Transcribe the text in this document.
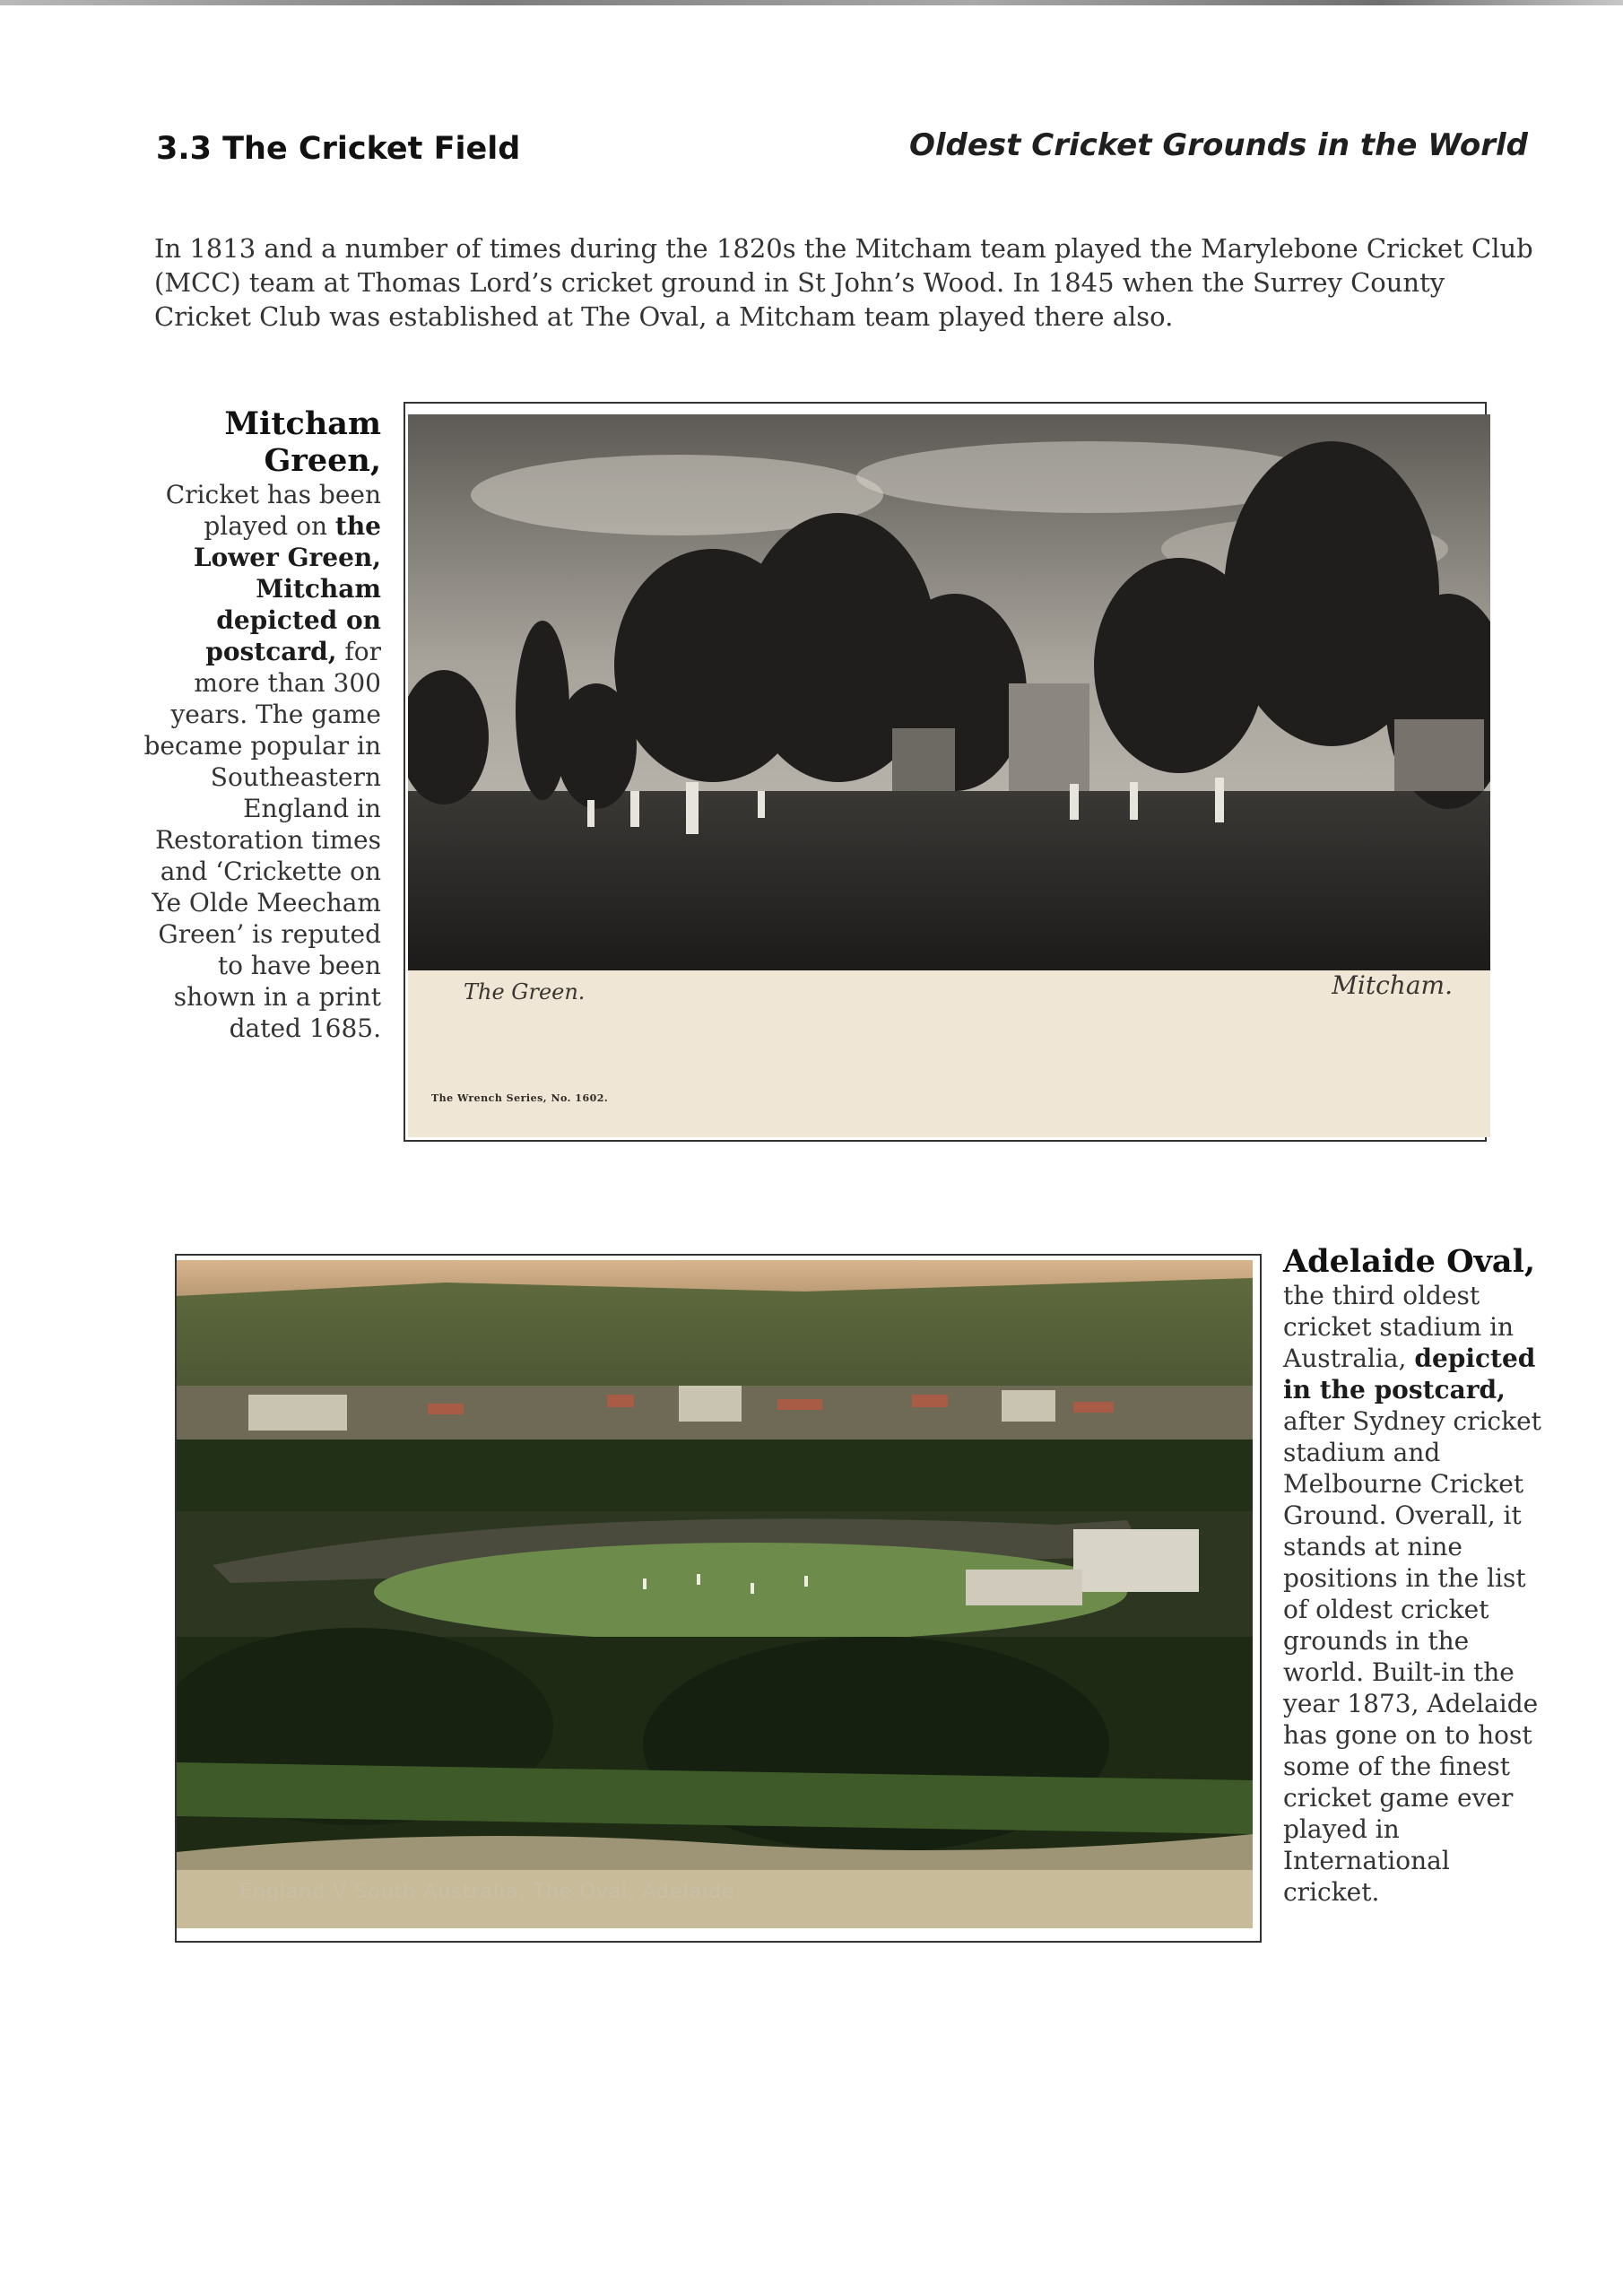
3.3 The Cricket Field	Oldest Cricket Grounds in the World

In 1813 and a number of times during the 1820s the Mitcham team played the Marylebone Cricket Club (MCC) team at Thomas Lord’s cricket ground in St John’s Wood. In 1845 when the Surrey County Cricket Club was established at The Oval, a Mitcham team played there also.

Mitcham Green,
Cricket has been played on the Lower Green, Mitcham depicted on postcard, for more than 300 years. The game became popular in Southeastern England in Restoration times and ‘Crickette on Ye Olde Meecham Green’ is reputed to have been shown in a print dated 1685.

The Green.	Mitcham.
The Wrench Series, No. 1602.
England V South Australia, The Oval, Adelaide.

Adelaide Oval,
the third oldest cricket stadium in Australia, depicted in the postcard, after Sydney cricket stadium and Melbourne Cricket Ground. Overall, it stands at nine positions in the list of oldest cricket grounds in the world. Built-in the year 1873, Adelaide has gone on to host some of the finest cricket game ever played in International cricket.
